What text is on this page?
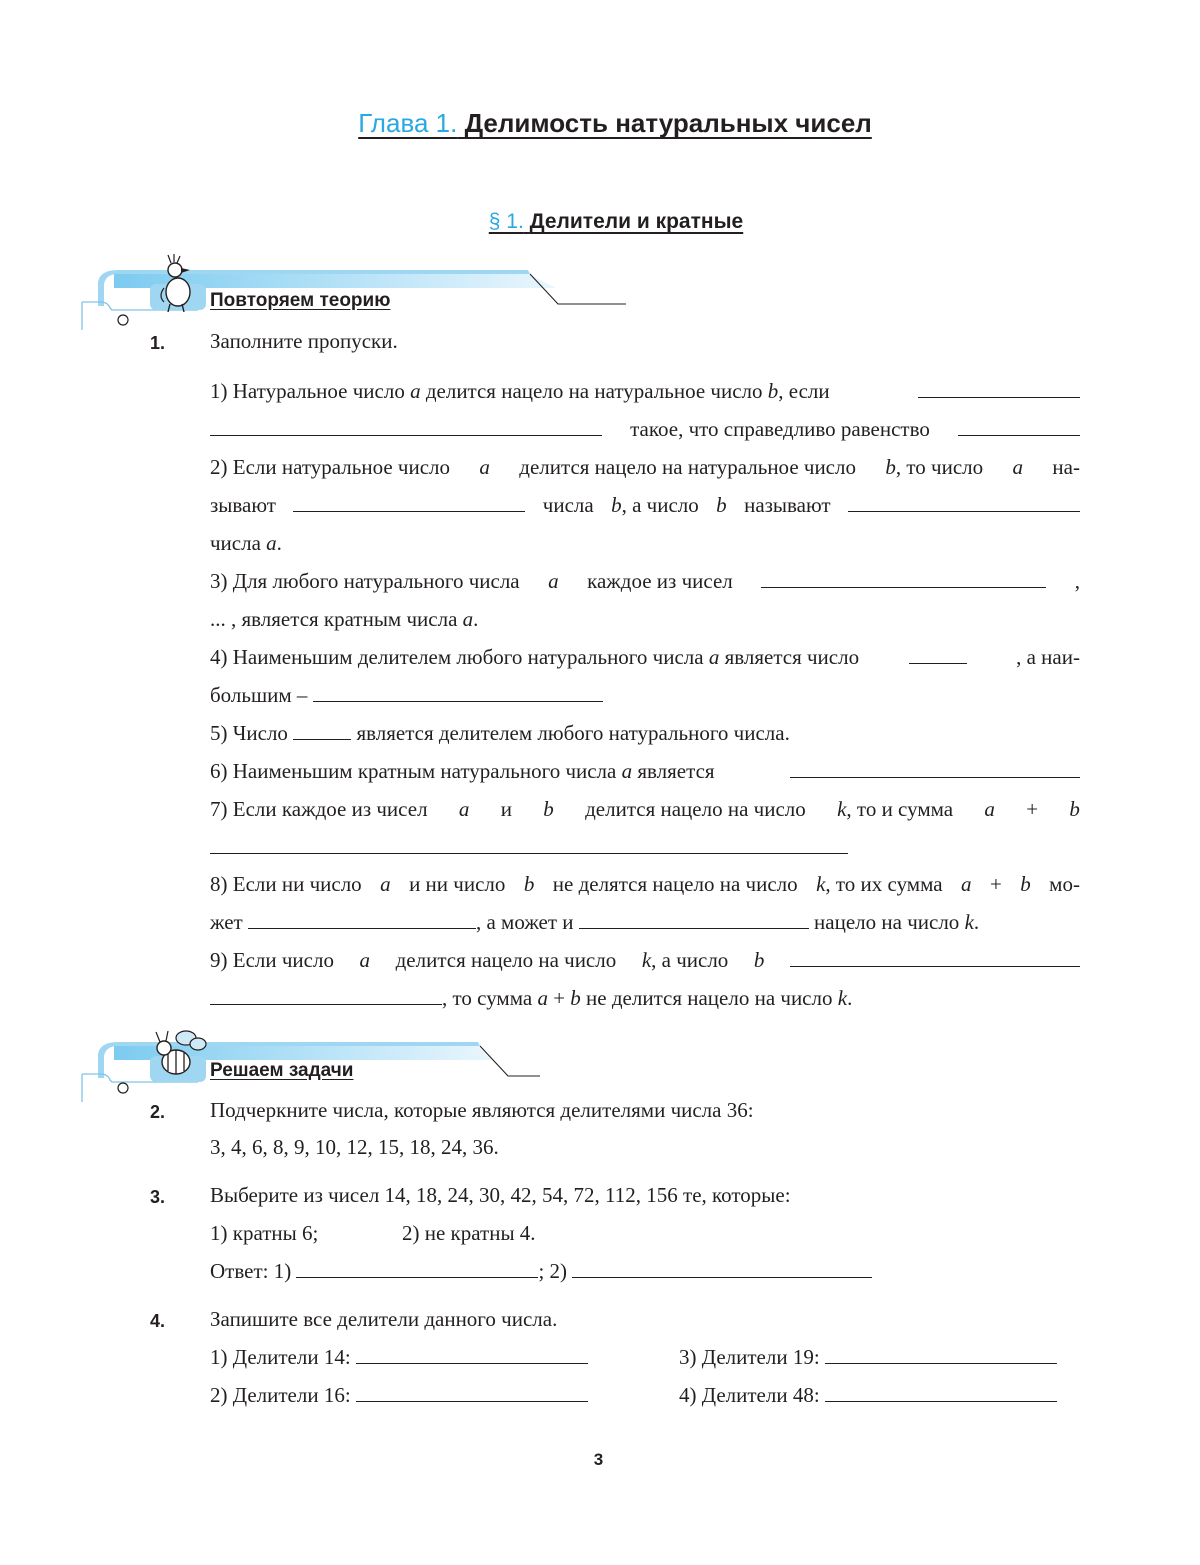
Глава 1. Делимость натуральных чисел
§ 1. Делители и кратные
Повторяем теорию
1. Заполните пропуски.
1) Натуральное число a делится нацело на натуральное число b, если
такое, что справедливо равенство
2) Если натуральное число a делится нацело на натуральное число b, то число a на-
зывают	числа b, а число b называют
числа a.
3) Для любого натурального числа a каждое из чисел	,
... , является кратным числа a.
4) Наименьшим делителем любого натурального числа a является число	, а наи-
большим –
5) Число	является делителем любого натурального числа.
6) Наименьшим кратным натурального числа a является
7) Если каждое из чисел a и b делится нацело на число k, то и сумма a + b
8) Если ни число a и ни число b не делятся нацело на число k, то их сумма a + b мо-
жет	, а может и	нацело на число k.
9) Если число a делится нацело на число k, а число b
, то сумма a + b не делится нацело на число k.
Решаем задачи
2. Подчеркните числа, которые являются делителями числа 36:
3, 4, 6, 8, 9, 10, 12, 15, 18, 24, 36.
3. Выберите из чисел 14, 18, 24, 30, 42, 54, 72, 112, 156 те, которые:
1) кратны 6;	2) не кратны 4.
Ответ: 1)	; 2)
4. Запишите все делители данного числа.
1) Делители 14:	3) Делители 19:
2) Делители 16:	4) Делители 48:
3
